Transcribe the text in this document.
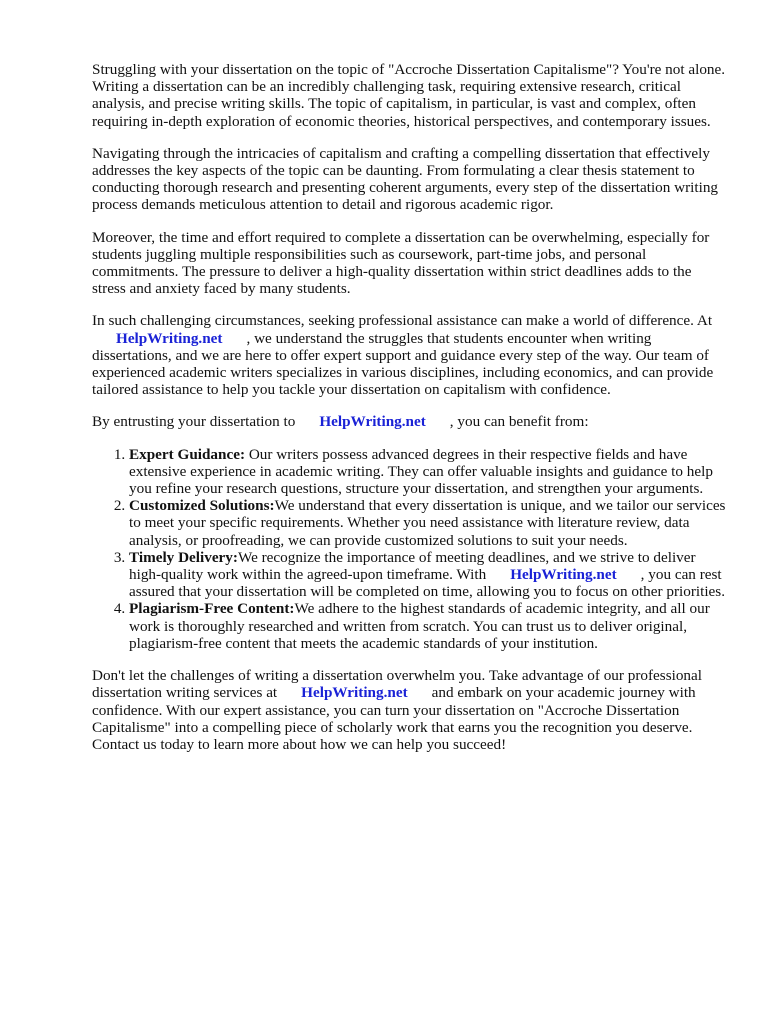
Struggling with your dissertation on the topic of "Accroche Dissertation Capitalisme"? You're not alone. Writing a dissertation can be an incredibly challenging task, requiring extensive research, critical analysis, and precise writing skills. The topic of capitalism, in particular, is vast and complex, often requiring in-depth exploration of economic theories, historical perspectives, and contemporary issues.

Navigating through the intricacies of capitalism and crafting a compelling dissertation that effectively addresses the key aspects of the topic can be daunting. From formulating a clear thesis statement to conducting thorough research and presenting coherent arguments, every step of the dissertation writing process demands meticulous attention to detail and rigorous academic rigor.

Moreover, the time and effort required to complete a dissertation can be overwhelming, especially for students juggling multiple responsibilities such as coursework, part-time jobs, and personal commitments. The pressure to deliver a high-quality dissertation within strict deadlines adds to the stress and anxiety faced by many students.

In such challenging circumstances, seeking professional assistance can make a world of difference. AtHelpWriting.net , we understand the struggles that students encounter when writing dissertations, and we are here to offer expert support and guidance every step of the way. Our team of experienced academic writers specializes in various disciplines, including economics, and can provide tailored assistance to help you tackle your dissertation on capitalism with confidence.

By entrusting your dissertation to HelpWriting.net , you can benefit from:

1. Expert Guidance: Our writers possess advanced degrees in their respective fields and have extensive experience in academic writing. They can offer valuable insights and guidance to help you refine your research questions, structure your dissertation, and strengthen your arguments.
2. Customized Solutions:We understand that every dissertation is unique, and we tailor our services to meet your specific requirements. Whether you need assistance with literature review, data analysis, or proofreading, we can provide customized solutions to suit your needs.
3. Timely Delivery:We recognize the importance of meeting deadlines, and we strive to deliver high-quality work within the agreed-upon timeframe. With HelpWriting.net , you can rest assured that your dissertation will be completed on time, allowing you to focus on other priorities.
4. Plagiarism-Free Content:We adhere to the highest standards of academic integrity, and all our work is thoroughly researched and written from scratch. You can trust us to deliver original, plagiarism-free content that meets the academic standards of your institution.

Don't let the challenges of writing a dissertation overwhelm you. Take advantage of our professional dissertation writing services at HelpWriting.net and embark on your academic journey with confidence. With our expert assistance, you can turn your dissertation on "Accroche Dissertation Capitalisme" into a compelling piece of scholarly work that earns you the recognition you deserve. Contact us today to learn more about how we can help you succeed!
